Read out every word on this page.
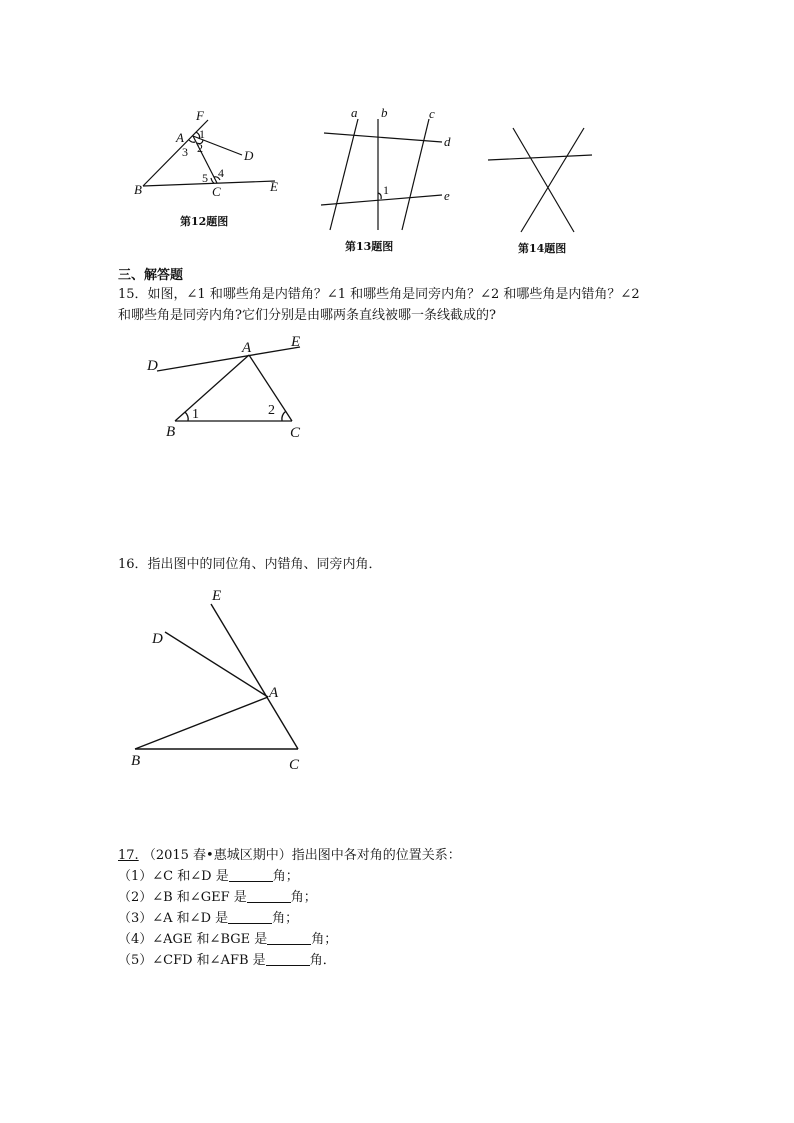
F
A
D
B	C	E
1
2
3
4
5
第12题图
a b	c
d
e
1
第13题图	第14题图
三、解答题
15．如图，∠1 和哪些角是内错角？∠1 和哪些角是同旁内角？∠2 和哪些角是内错角？∠2
和哪些角是同旁内角?它们分别是由哪两条直线被哪一条线截成的?
D
A	E
B	C
1	2
16．指出图中的同位角、内错角、同旁内角．
E
D
A
B	C
17. （2015 春•惠城区期中）指出图中各对角的位置关系：
（1）∠C 和∠D 是	角；
（2）∠B 和∠GEF 是	角；
（3）∠A 和∠D 是	角；
（4）∠AGE 和∠BGE 是	角；
（5）∠CFD 和∠AFB 是	角．
